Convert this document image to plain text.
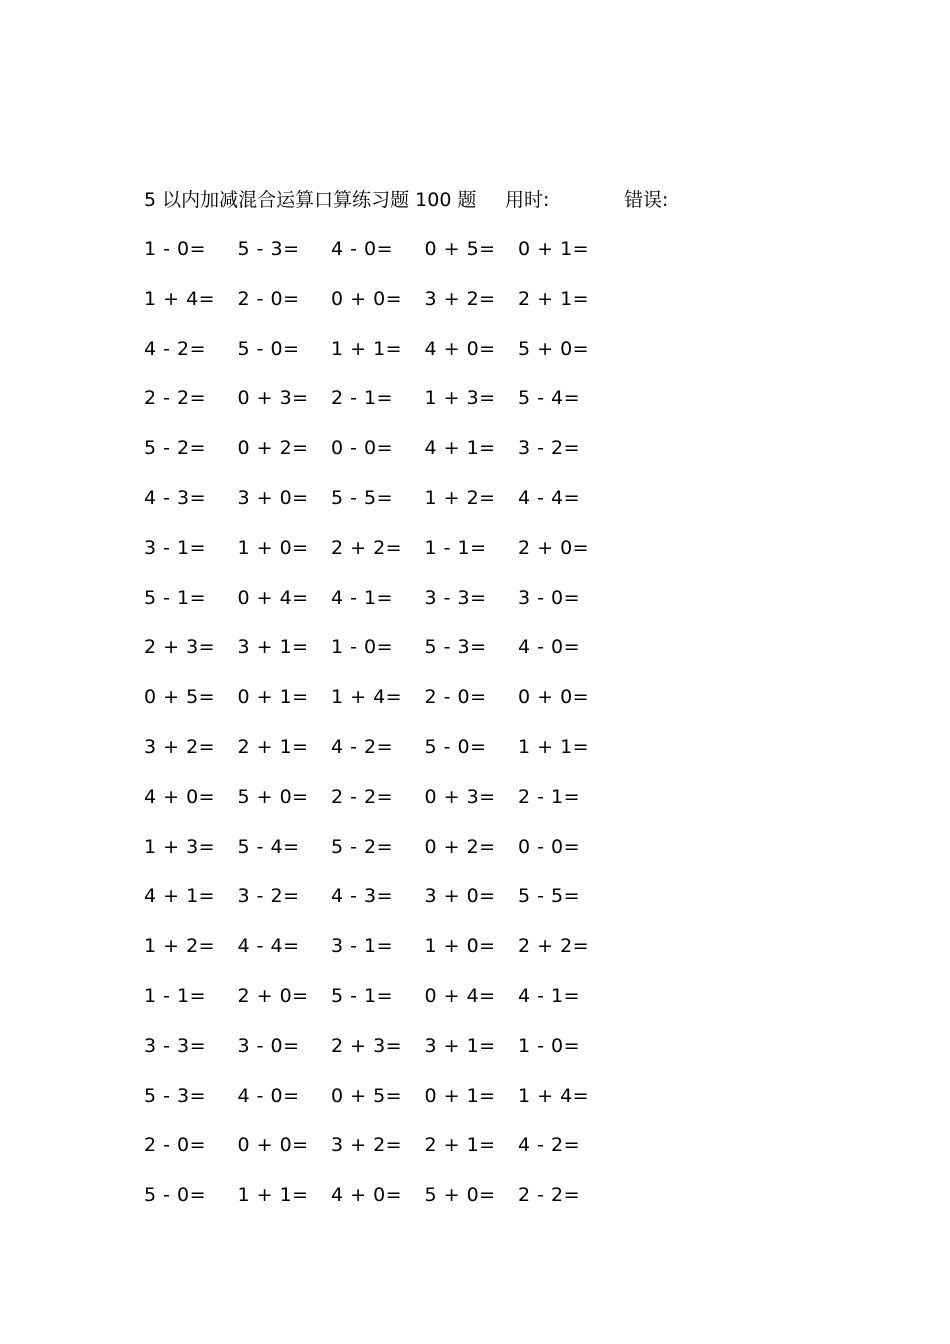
5 以内加减混合运算口算练习题 100 题 用时:	错误:
1 - 0= 5 - 3= 4 - 0= 0 + 5= 0 + 1=
1 + 4= 2 - 0= 0 + 0= 3 + 2= 2 + 1=
4 - 2= 5 - 0= 1 + 1= 4 + 0= 5 + 0=
2 - 2= 0 + 3= 2 - 1= 1 + 3= 5 - 4=
5 - 2= 0 + 2= 0 - 0= 4 + 1= 3 - 2=
4 - 3= 3 + 0= 5 - 5= 1 + 2= 4 - 4=
3 - 1= 1 + 0= 2 + 2= 1 - 1= 2 + 0=
5 - 1= 0 + 4= 4 - 1= 3 - 3= 3 - 0=
2 + 3= 3 + 1= 1 - 0= 5 - 3= 4 - 0=
0 + 5= 0 + 1= 1 + 4= 2 - 0= 0 + 0=
3 + 2= 2 + 1= 4 - 2= 5 - 0= 1 + 1=
4 + 0= 5 + 0= 2 - 2= 0 + 3= 2 - 1=
1 + 3= 5 - 4= 5 - 2= 0 + 2= 0 - 0=
4 + 1= 3 - 2= 4 - 3= 3 + 0= 5 - 5=
1 + 2= 4 - 4= 3 - 1= 1 + 0= 2 + 2=
1 - 1= 2 + 0= 5 - 1= 0 + 4= 4 - 1=
3 - 3= 3 - 0= 2 + 3= 3 + 1= 1 - 0=
5 - 3= 4 - 0= 0 + 5= 0 + 1= 1 + 4=
2 - 0= 0 + 0= 3 + 2= 2 + 1= 4 - 2=
5 - 0= 1 + 1= 4 + 0= 5 + 0= 2 - 2=
